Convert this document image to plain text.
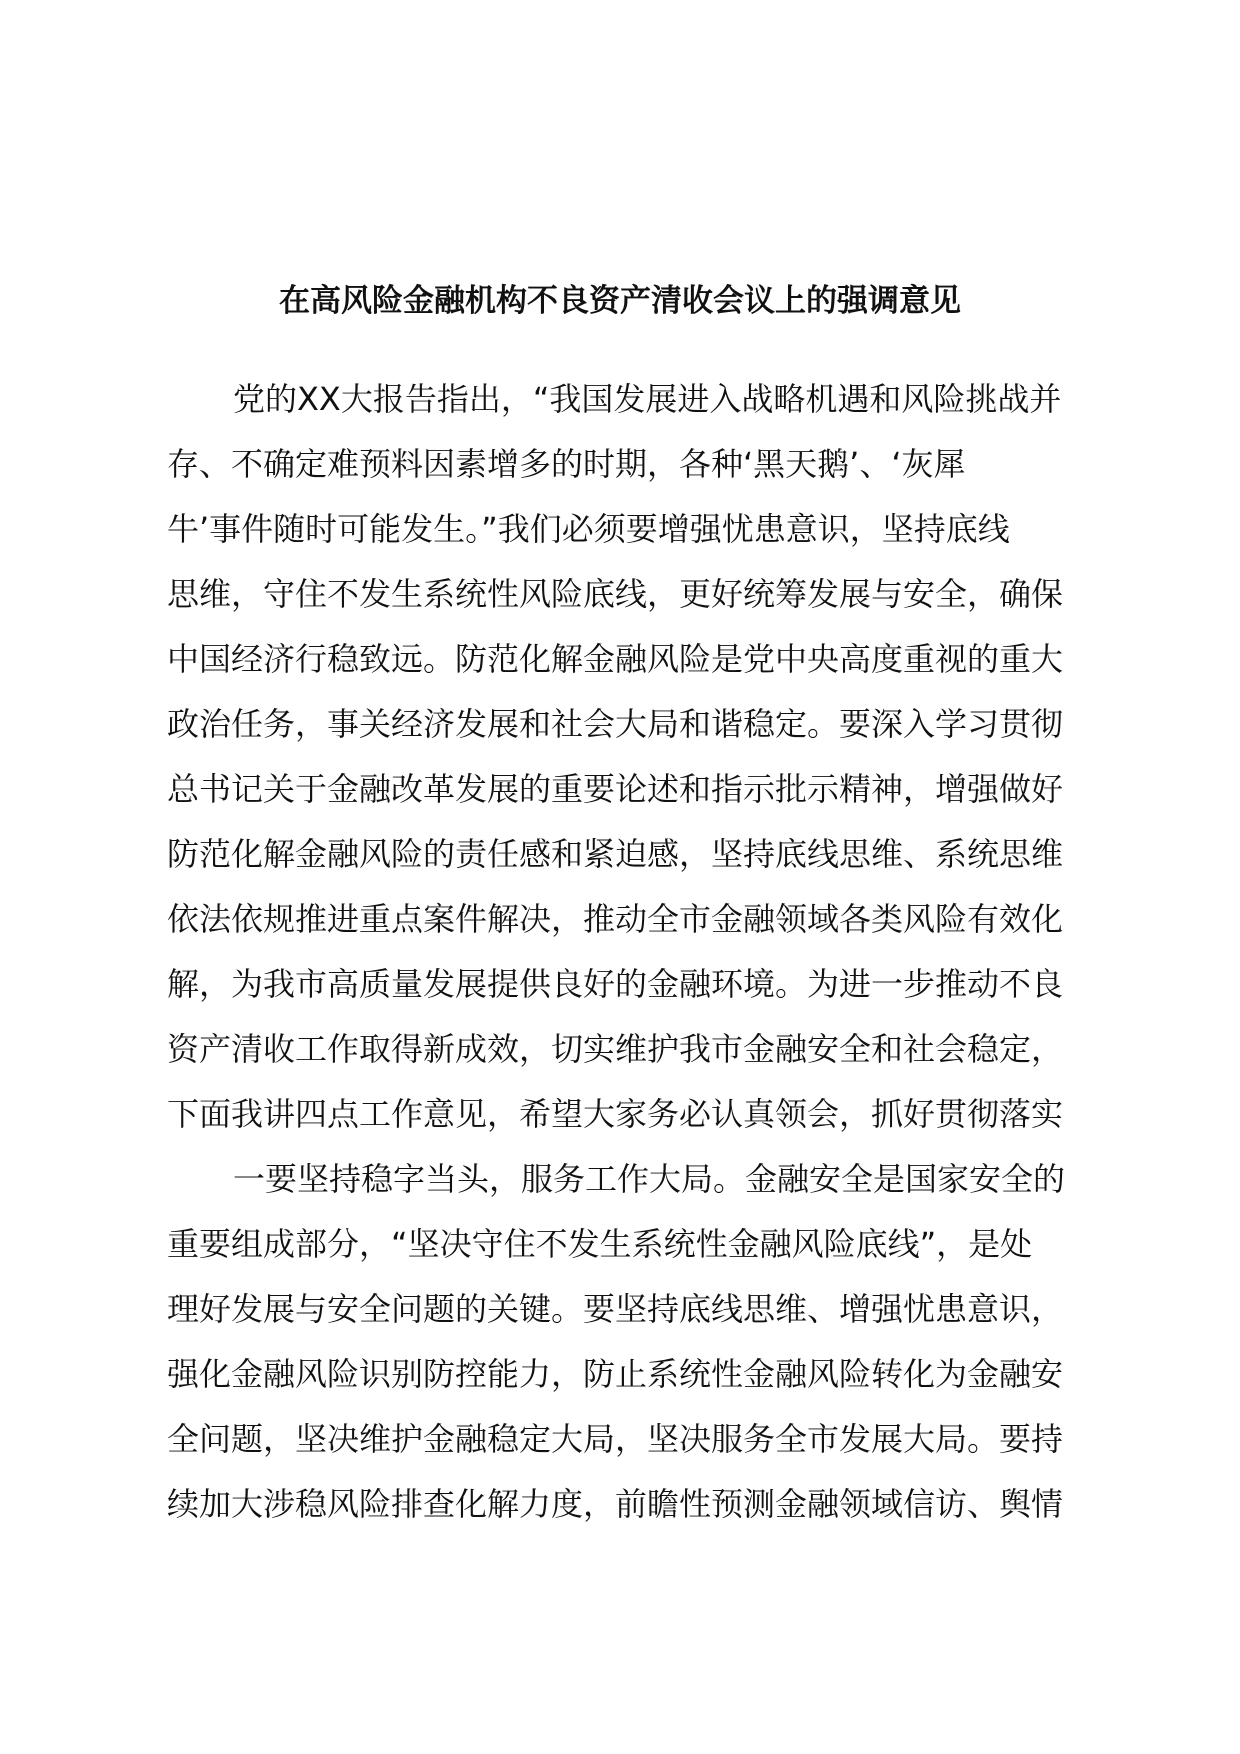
在高风险金融机构不良资产清收会议上的强调意见
党的XX大报告指出，“我国发展进入战略机遇和风险挑战并
存、不确定难预料因素增多的时期，各种‘黑天鹅’、‘灰犀
牛’事件随时可能发生。”我们必须要增强忧患意识，坚持底线
思维，守住不发生系统性风险底线，更好统筹发展与安全，确保
中国经济行稳致远。防范化解金融风险是党中央高度重视的重大
政治任务，事关经济发展和社会大局和谐稳定。要深入学习贯彻
总书记关于金融改革发展的重要论述和指示批示精神，增强做好
防范化解金融风险的责任感和紧迫感，坚持底线思维、系统思维
依法依规推进重点案件解决，推动全市金融领域各类风险有效化
解，为我市高质量发展提供良好的金融环境。为进一步推动不良
资产清收工作取得新成效，切实维护我市金融安全和社会稳定，
下面我讲四点工作意见，希望大家务必认真领会，抓好贯彻落实
一要坚持稳字当头，服务工作大局。金融安全是国家安全的
重要组成部分，“坚决守住不发生系统性金融风险底线”，是处
理好发展与安全问题的关键。要坚持底线思维、增强忧患意识，
强化金融风险识别防控能力，防止系统性金融风险转化为金融安
全问题，坚决维护金融稳定大局，坚决服务全市发展大局。要持
续加大涉稳风险排查化解力度，前瞻性预测金融领域信访、舆情
